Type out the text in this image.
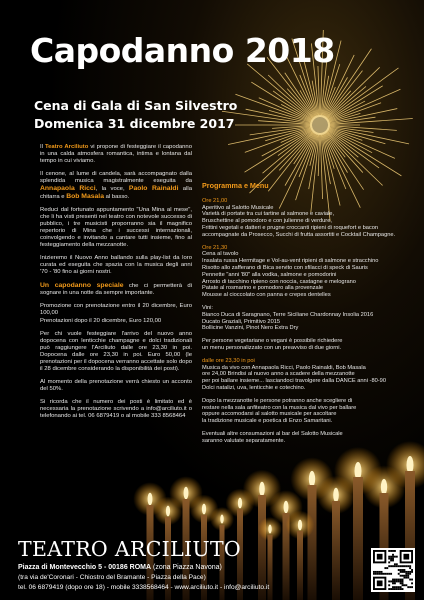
Capodanno 2018
Cena di Gala di San Silvestro
Domenica 31 dicembre 2017

Il Teatro Arciliuto vi propone di festeggiare il capodanno in una calda atmosfera romantica, intima e lontana dal tempo in cui viviamo.

Il cenone, al lume di candela, sarà accompagnato dalla splendida musica magistralmente eseguita da Annapaola Ricci, la voce, Paolo Rainaldi alla chitarra e Bob Masala al basso.

Reduci dal fortunato appuntamento "Una Mina al mese", che li ha visti presenti nel teatro con notevole successo di pubblico, i tre musicisti proporranno sia il magnifico repertorio di Mina che i successi internazionali, coinvolgendo e invitando a cantare tutti insieme, fino al festeggiamento della mezzanotte.

Inizieremo il Nuovo Anno ballando sulla play-list da loro curata ed eseguita che spazia con la musica degli anni '70 - '80 fino ai giorni nostri.

Un capodanno speciale che ci permetterà di sognare in una notte da sempre importante.

Promozione con prenotazione entro il 20 dicembre, Euro 100,00

Prenotazioni dopo il 20 dicembre, Euro 120,00

Per chi vuole festeggiare l'arrivo del nuovo anno dopocena con lenticchie champagne e dolci tradizionali può raggiungere l'Arciliuto dalle ore 23,30 in poi. Dopocena dalle ore 23,30 in poi. Euro 50,00 (le prenotazioni per il dopocena verranno accettate solo dopo il 28 dicembre considerando la disponibilità dei posti).

Al momento della prenotazione verrà chiesto un acconto del 50%.

Si ricorda che il numero dei posti è limitato ed è necessaria la prenotazione scrivendo a info@arciliuto.it o telefonando ai tel. 06 6879419 o al mobile 333 8568464

Programma e Menu
Ore 21,00

Aperitivo al Salotto Musicale
Varietà di portate tra cui tartine al salmone e caviale,
Bruschettine al pomodoro e con julienne di verdure,
Frittini vegetali e datteri e prugne croccanti ripieni di roquefort e bacon
accompagnate da Prosecco, Succhi di frutta assortiti e Cocktail Champagne.

Ore 21,30

Cena al tavolo
Insalata russa Hermitage e Vol-au-vent ripieni di salmone e stracchino
Risotto allo zafferano di Bica servito con sfilacci di speck di Sauris
Pennette "anni '80" alla vodka, salmone e pomodorini
Arrosto di tacchino ripieno con noccia, castagne e melograno
Patate al rosmarino e pomodoro alla provenzale
Mousse al cioccolato con panna e crepes dentelles

Vini:
Bianco Duca di Saragnano, Terre Siciliane Chardonnay Insolia 2016
Ducato Graziali, Primitivo 2015
Bollicine Vanzini, Pinot Nero Extra Dry

Per persone vegetariane o vegani è possibile richiedere
un menu personalizzato con un preavviso di due giorni.

dalle ore 23,30 in poi

Musica da vivo con Annapaola Ricci, Paolo Rainaldi, Bob Masala
ore 24,00 Brindisi al nuovo anno a scadere della mezzanotte
per poi ballare insieme... lasciandoci travolgere dalla DANCE anni -80-90
Dolci natalizi, uva, lenticchie e cotechino.

Dopo la mezzanotte le persone potranno anche scegliere di
restare nella sala anfiteatro con la musica dal vivo per ballare
oppure accomodarsi al salotto musicale per ascoltare
la tradizione musicale e poetica di Enzo Samaritani.

Eventuali altre consumazioni al bar del Salotto Musicale
saranno valutate separatamente.

TEATRO ARCILIUTO
Piazza di Montevecchio 5 - 00186 ROMA (zona Piazza Navona)
(tra via de'Coronari - Chiostro del Bramante - Piazza della Pace)
tel. 06 6879419 (dopo ore 18) - mobile 3338568464 - www.arciliuto.it - info@arciliuto.it
